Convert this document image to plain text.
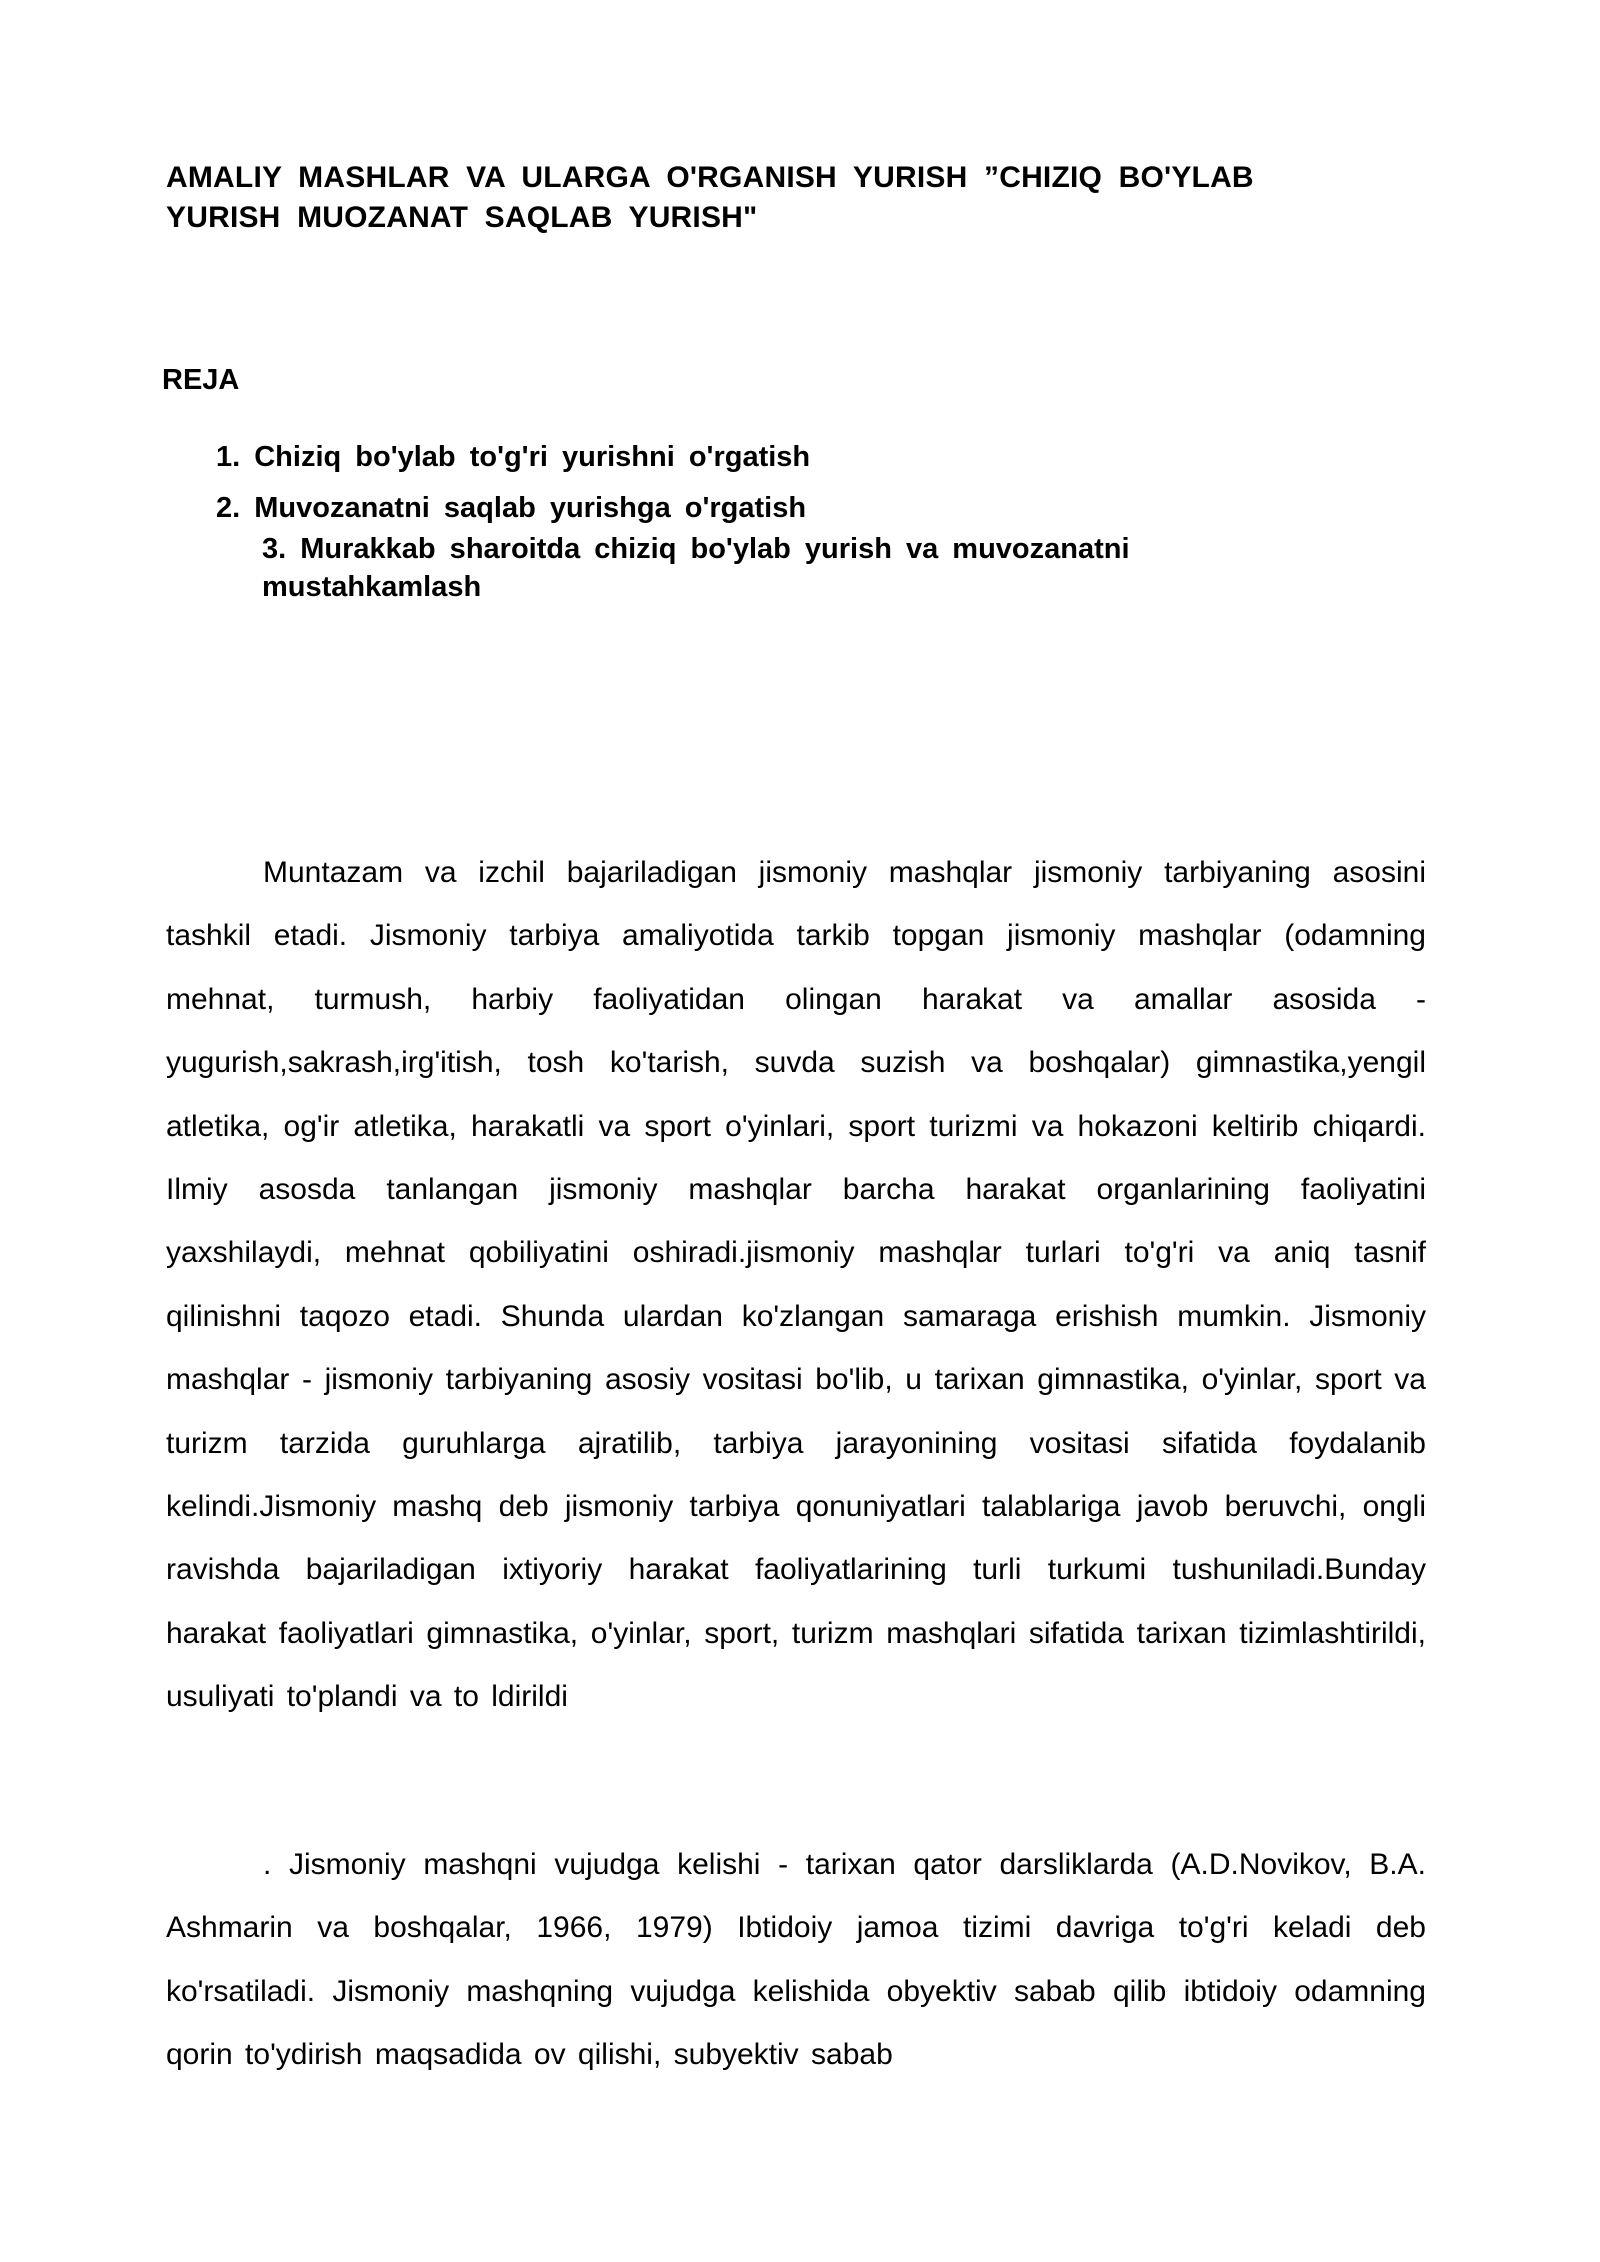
AMALIY MASHLAR VA ULARGA O'RGANISH YURISH ”CHIZIQ BO'YLAB
YURISH MUOZANAT SAQLAB YURISH"
REJA
1. Chiziq bo'ylab to'g'ri yurishni o'rgatish
2. Muvozanatni saqlab yurishga o'rgatish
3. Murakkab sharoitda chiziq bo'ylab yurish va muvozanatni mustahkamlash
Muntazam va izchil bajariladigan jismoniy mashqlar jismoniy tarbiyaning asosini tashkil etadi. Jismoniy tarbiya amaliyotida tarkib topgan jismoniy mashqlar (odamning mehnat, turmush, harbiy faoliyatidan olingan harakat va amallar asosida -yugurish,sakrash,irg'itish, tosh ko'tarish, suvda suzish va boshqalar) gimnastika,yengil atletika, og'ir atletika, harakatli va sport o'yinlari, sport turizmi va hokazoni keltirib chiqardi. Ilmiy asosda tanlangan jismoniy mashqlar barcha harakat organlarining faoliyatini yaxshilaydi, mehnat qobiliyatini oshiradi.jismoniy mashqlar turlari to'g'ri va aniq tasnif qilinishni taqozo etadi. Shunda ulardan ko'zlangan samaraga erishish mumkin. Jismoniy mashqlar - jismoniy tarbiyaning asosiy vositasi bo'lib, u tarixan gimnastika, o'yinlar, sport va turizm tarzida guruhlarga ajratilib, tarbiya jarayonining vositasi sifatida foydalanib kelindi.Jismoniy mashq deb jismoniy tarbiya qonuniyatlari talablariga javob beruvchi, ongli ravishda bajariladigan ixtiyoriy harakat faoliyatlarining turli turkumi tushuniladi.Bunday harakat faoliyatlari gimnastika, o'yinlar, sport, turizm mashqlari sifatida tarixan tizimlashtirildi, usuliyati to'plandi va to ldirildi
. Jismoniy mashqni vujudga kelishi - tarixan qator darsliklarda (A.D.Novikov, B.A. Ashmarin va boshqalar, 1966, 1979) Ibtidoiy jamoa tizimi davriga to'g'ri keladi deb ko'rsatiladi. Jismoniy mashqning vujudga kelishida obyektiv sabab qilib ibtidoiy odamning qorin to'ydirish maqsadida ov qilishi, subyektiv sabab
